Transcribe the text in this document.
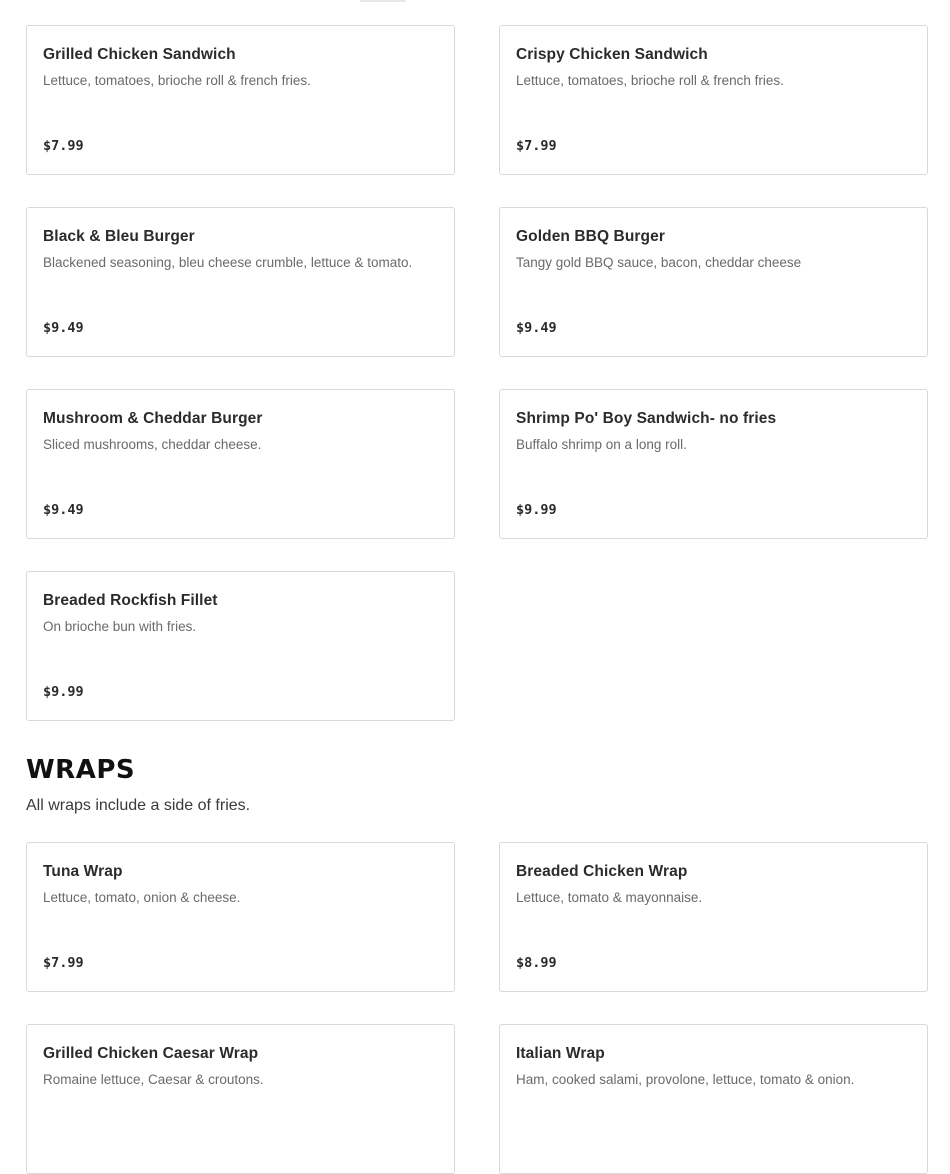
Grilled Chicken Sandwich
Lettuce, tomatoes, brioche roll & french fries.
$7.99
Crispy Chicken Sandwich
Lettuce, tomatoes, brioche roll & french fries.
$7.99
Black & Bleu Burger
Blackened seasoning, bleu cheese crumble, lettuce & tomato.
$9.49
Golden BBQ Burger
Tangy gold BBQ sauce, bacon, cheddar cheese
$9.49
Mushroom & Cheddar Burger
Sliced mushrooms, cheddar cheese.
$9.49
Shrimp Po' Boy Sandwich- no fries
Buffalo shrimp on a long roll.
$9.99
Breaded Rockfish Fillet
On brioche bun with fries.
$9.99
WRAPS
All wraps include a side of fries.
Tuna Wrap
Lettuce, tomato, onion & cheese.
$7.99
Breaded Chicken Wrap
Lettuce, tomato & mayonnaise.
$8.99
Grilled Chicken Caesar Wrap
Romaine lettuce, Caesar & croutons.
Italian Wrap
Ham, cooked salami, provolone, lettuce, tomato & onion.
